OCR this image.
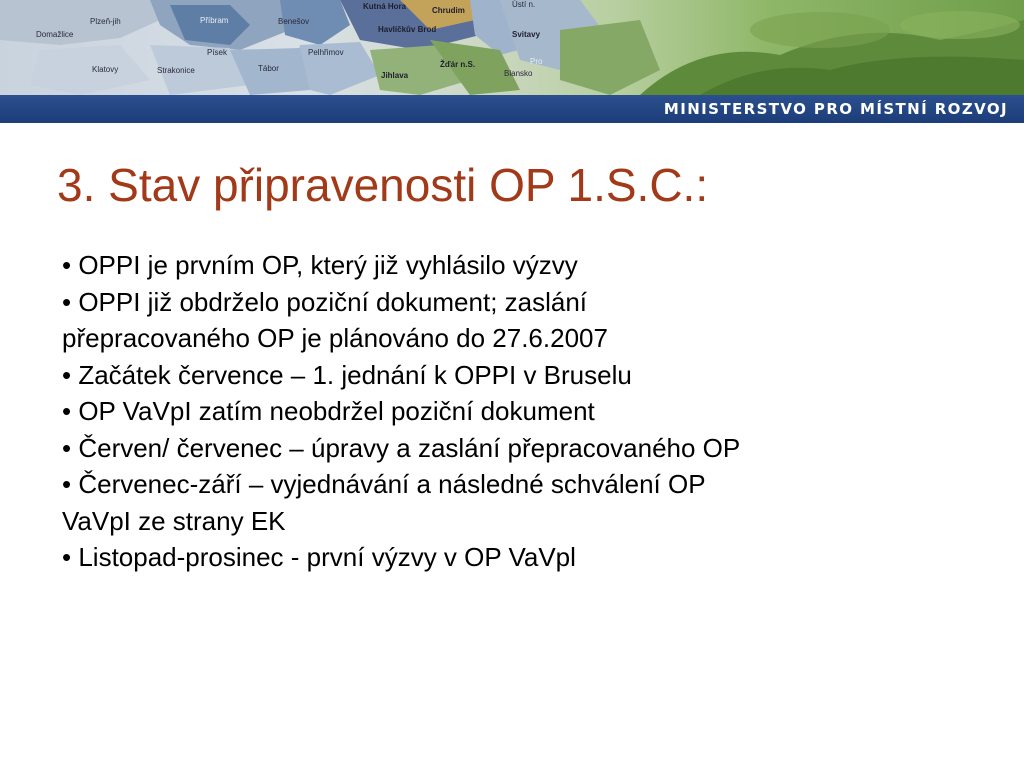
Plzeň-jih	Příbram	Benešov
Kutná Hora	Chrudim
Ústí n.
Domažlice
Havlíčkův Brod
Svitavy
Písek	Pelhřimov
Klatovy	Strakonice	Tábor
Jihlava
Žďár n.S.
Blansko
Pro
MINISTERSTVO PRO MÍSTNÍ ROZVOJ
3. Stav připravenosti OP 1.S.C.:
• OPPI je prvním OP, který již vyhlásilo výzvy
• OPPI již obdrželo poziční dokument; zaslání
přepracovaného OP je plánováno do 27.6.2007
• Začátek července – 1. jednání k OPPI v Bruselu
• OP VaVpI zatím neobdržel poziční dokument
• Červen/ červenec – úpravy a zaslání přepracovaného OP
• Červenec-září – vyjednávání a následné schválení OP
VaVpI ze strany EK
• Listopad-prosinec - první výzvy v OP VaVpl
